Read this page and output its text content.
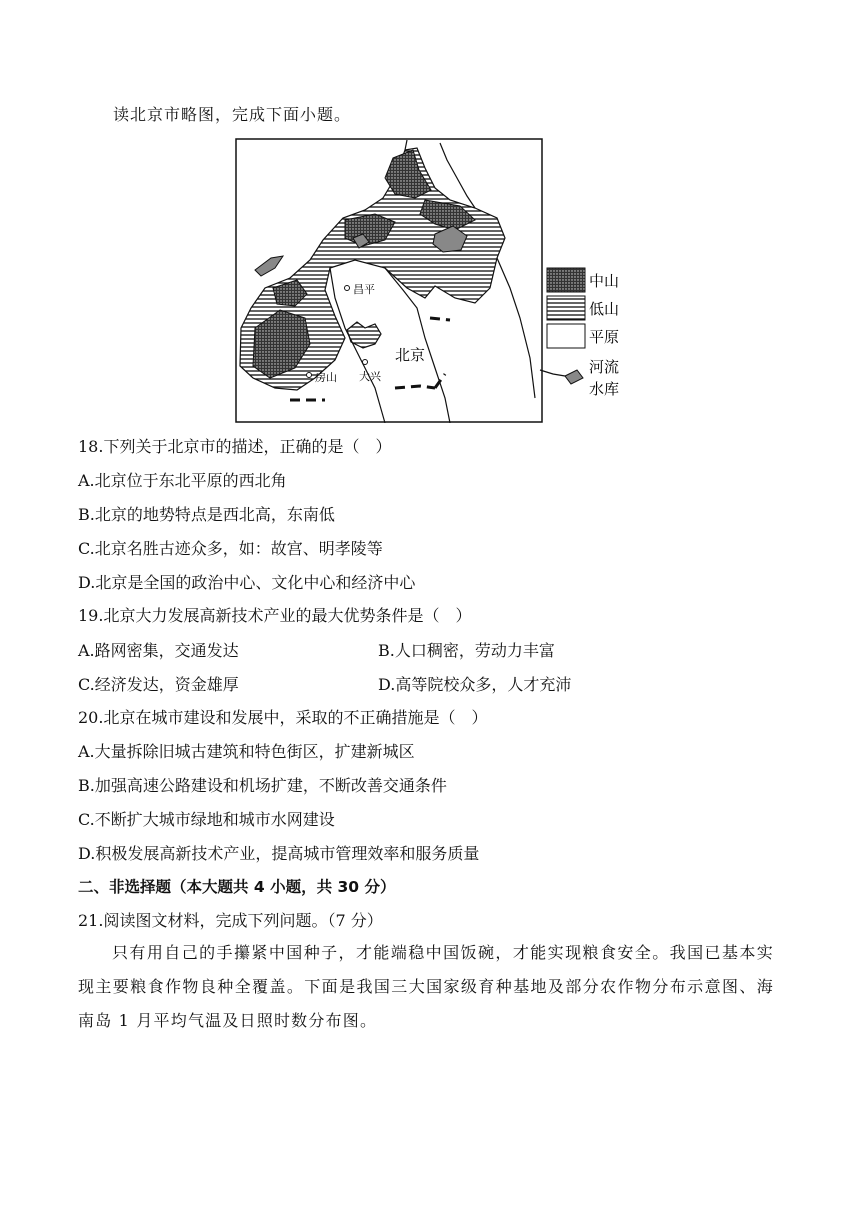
读北京市略图，完成下面小题。
昌平
北京
大兴
房山
中山
低山
平原
河流
水库
18.下列关于北京市的描述，正确的是（　）
A.北京位于东北平原的西北角
B.北京的地势特点是西北高，东南低
C.北京名胜古迹众多，如：故宫、明孝陵等
D.北京是全国的政治中心、文化中心和经济中心
19.北京大力发展高新技术产业的最大优势条件是（　）
A.路网密集，交通发达	B.人口稠密，劳动力丰富
C.经济发达，资金雄厚	D.高等院校众多，人才充沛
20.北京在城市建设和发展中，采取的不正确措施是（　）
A.大量拆除旧城古建筑和特色街区，扩建新城区
B.加强高速公路建设和机场扩建，不断改善交通条件
C.不断扩大城市绿地和城市水网建设
D.积极发展高新技术产业，提高城市管理效率和服务质量
二、非选择题（本大题共 4 小题，共 30 分）
21.阅读图文材料，完成下列问题。（7 分）
只有用自己的手攥紧中国种子，才能端稳中国饭碗，才能实现粮食安全。我国已基本实现主要粮食作物良种全覆盖。下面是我国三大国家级育种基地及部分农作物分布示意图、海南岛 1 月平均气温及日照时数分布图。
